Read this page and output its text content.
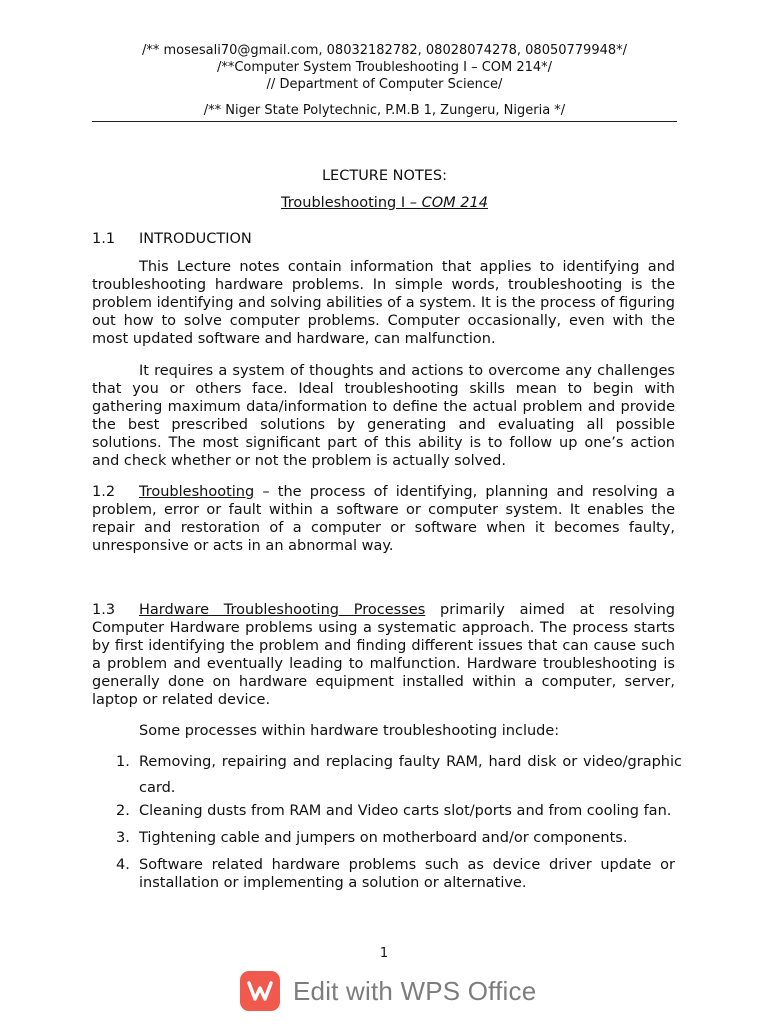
/** mosesali70@gmail.com, 08032182782, 08028074278, 08050779948*/
/**Computer System Troubleshooting I – COM 214*/
// Department of Computer Science/
/** Niger State Polytechnic, P.M.B 1, Zungeru, Nigeria */
LECTURE NOTES:
Troubleshooting I – COM 214
1.1 INTRODUCTION
This Lecture notes contain information that applies to identifying and troubleshooting hardware problems. In simple words, troubleshooting is the problem identifying and solving abilities of a system. It is the process of figuring out how to solve computer problems. Computer occasionally, even with the most updated software and hardware, can malfunction.
It requires a system of thoughts and actions to overcome any challenges that you or others face. Ideal troubleshooting skills mean to begin with gathering maximum data/information to define the actual problem and provide the best prescribed solutions by generating and evaluating all possible solutions. The most significant part of this ability is to follow up one’s action and check whether or not the problem is actually solved.
1.2 Troubleshooting – the process of identifying, planning and resolving a problem, error or fault within a software or computer system. It enables the repair and restoration of a computer or software when it becomes faulty, unresponsive or acts in an abnormal way.
1.3 Hardware Troubleshooting Processes primarily aimed at resolving Computer Hardware problems using a systematic approach. The process starts by first identifying the problem and finding different issues that can cause such a problem and eventually leading to malfunction. Hardware troubleshooting is generally done on hardware equipment installed within a computer, server, laptop or related device.
Some processes within hardware troubleshooting include:
1. Removing, repairing and replacing faulty RAM, hard disk or video/graphic card.
2. Cleaning dusts from RAM and Video carts slot/ports and from cooling fan.
3. Tightening cable and jumpers on motherboard and/or components.
4. Software related hardware problems such as device driver update or installation or implementing a solution or alternative.
1
Edit with WPS Office
